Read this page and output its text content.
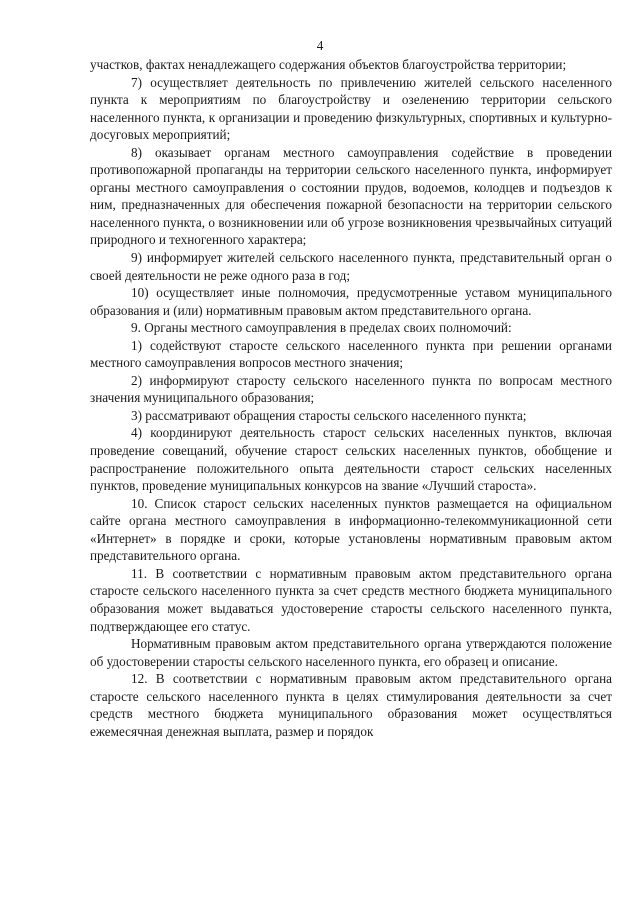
4

участков, фактах ненадлежащего содержания объектов благоустройства территории;

7) осуществляет деятельность по привлечению жителей сельского населенного пункта к мероприятиям по благоустройству и озеленению территории сельского населенного пункта, к организации и проведению физкультурных, спортивных и культурно-досуговых мероприятий;

8) оказывает органам местного самоуправления содействие в проведении противопожарной пропаганды на территории сельского населенного пункта, информирует органы местного самоуправления о состоянии прудов, водоемов, колодцев и подъездов к ним, предназначенных для обеспечения пожарной безопасности на территории сельского населенного пункта, о возникновении или об угрозе возникновения чрезвычайных ситуаций природного и техногенного характера;

9) информирует жителей сельского населенного пункта, представительный орган о своей деятельности не реже одного раза в год;

10) осуществляет иные полномочия, предусмотренные уставом муниципального образования и (или) нормативным правовым актом представительного органа.

9. Органы местного самоуправления в пределах своих полномочий:

1) содействуют старосте сельского населенного пункта при решении органами местного самоуправления вопросов местного значения;

2) информируют старосту сельского населенного пункта по вопросам местного значения муниципального образования;

3) рассматривают обращения старосты сельского населенного пункта;

4) координируют деятельность старост сельских населенных пунктов, включая проведение совещаний, обучение старост сельских населенных пунктов, обобщение и распространение положительного опыта деятельности старост сельских населенных пунктов, проведение муниципальных конкурсов на звание «Лучший староста».

10. Список старост сельских населенных пунктов размещается на официальном сайте органа местного самоуправления в информационно-телекоммуникационной сети «Интернет» в порядке и сроки, которые установлены нормативным правовым актом представительного органа.

11. В соответствии с нормативным правовым актом представительного органа старосте сельского населенного пункта за счет средств местного бюджета муниципального образования может выдаваться удостоверение старосты сельского населенного пункта, подтверждающее его статус.

Нормативным правовым актом представительного органа утверждаются положение об удостоверении старосты сельского населенного пункта, его образец и описание.

12. В соответствии с нормативным правовым актом представительного органа старосте сельского населенного пункта в целях стимулирования деятельности за счет средств местного бюджета муниципального образования может осуществляться ежемесячная денежная выплата, размер и порядок
